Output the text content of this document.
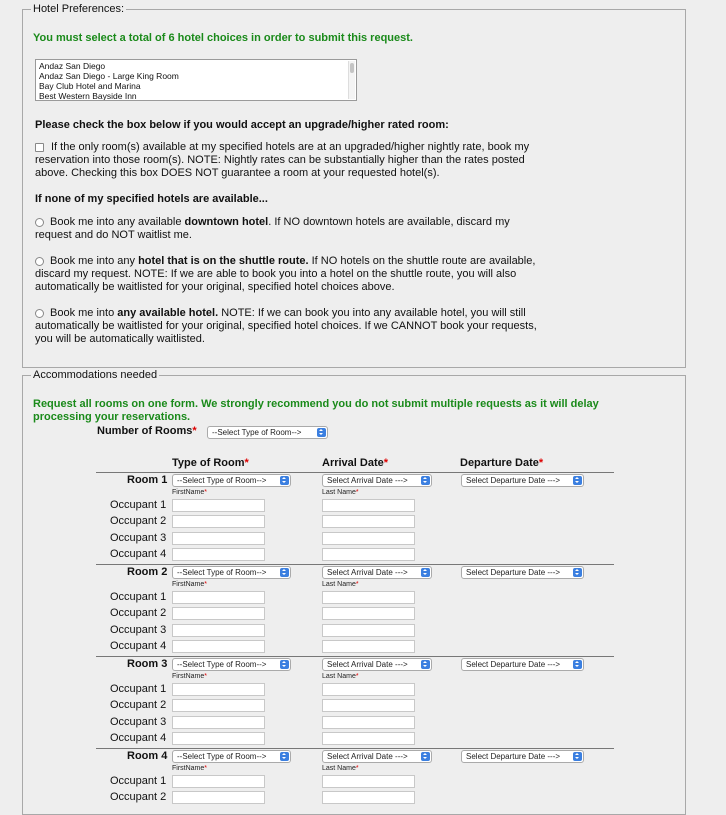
Hotel Preferences:
You must select a total of 6 hotel choices in order to submit this request.
Andaz San Diego
Andaz San Diego - Large King Room
Bay Club Hotel and Marina
Best Western Bayside Inn
Please check the box below if you would accept an upgrade/higher rated room:
If the only room(s) available at my specified hotels are at an upgraded/higher nightly rate, book my reservation into those room(s). NOTE: Nightly rates can be substantially higher than the rates posted above. Checking this box DOES NOT guarantee a room at your requested hotel(s).
If none of my specified hotels are available...
Book me into any available downtown hotel. If NO downtown hotels are available, discard my request and do NOT waitlist me.
Book me into any hotel that is on the shuttle route. If NO hotels on the shuttle route are available, discard my request. NOTE: If we are able to book you into a hotel on the shuttle route, you will also automatically be waitlisted for your original, specified hotel choices above.
Book me into any available hotel. NOTE: If we can book you into any available hotel, you will still automatically be waitlisted for your original, specified hotel choices. If we CANNOT book your requests, you will be automatically waitlisted.
Accommodations needed
Request all rooms on one form. We strongly recommend you do not submit multiple requests as it will delay processing your reservations.
Number of Rooms*	--Select Type of Room-->
Type of Room*	Arrival Date*	Departure Date*
Room 1	--Select Type of Room-->	Select Arrival Date --->	Select Departure Date --->
FirstName*	Last Name*
Occupant 1
Occupant 2
Occupant 3
Occupant 4
Room 2	--Select Type of Room-->	Select Arrival Date --->	Select Departure Date --->
FirstName*	Last Name*
Occupant 1
Occupant 2
Occupant 3
Occupant 4
Room 3	--Select Type of Room-->	Select Arrival Date --->	Select Departure Date --->
FirstName*	Last Name*
Occupant 1
Occupant 2
Occupant 3
Occupant 4
Room 4	--Select Type of Room-->	Select Arrival Date --->	Select Departure Date --->
FirstName*	Last Name*
Occupant 1
Occupant 2
